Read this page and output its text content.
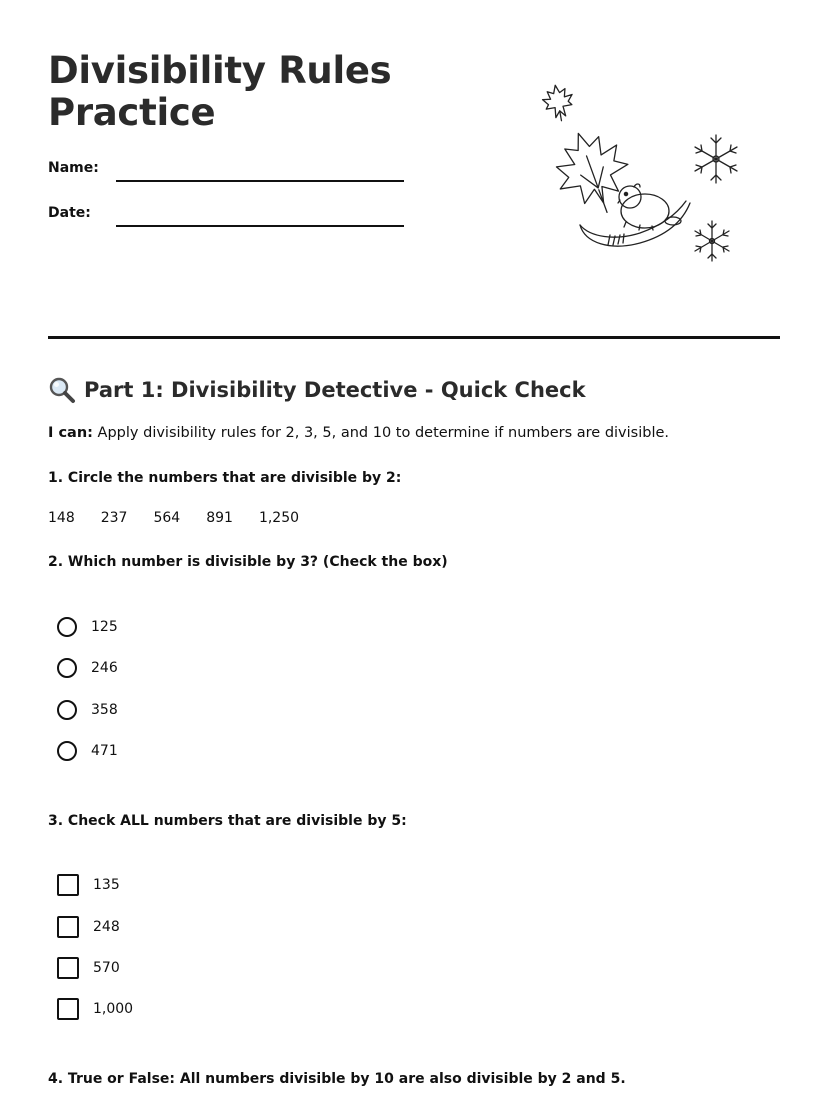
Divisibility Rules
Practice
Name:
Date:
Part 1: Divisibility Detective - Quick Check
I can: Apply divisibility rules for 2, 3, 5, and 10 to determine if numbers are divisible.
1. Circle the numbers that are divisible by 2:
148 237 564 891 1,250
2. Which number is divisible by 3? (Check the box)
125
246
358
471
3. Check ALL numbers that are divisible by 5:
135
248
570
1,000
4. True or False: All numbers divisible by 10 are also divisible by 2 and 5.
